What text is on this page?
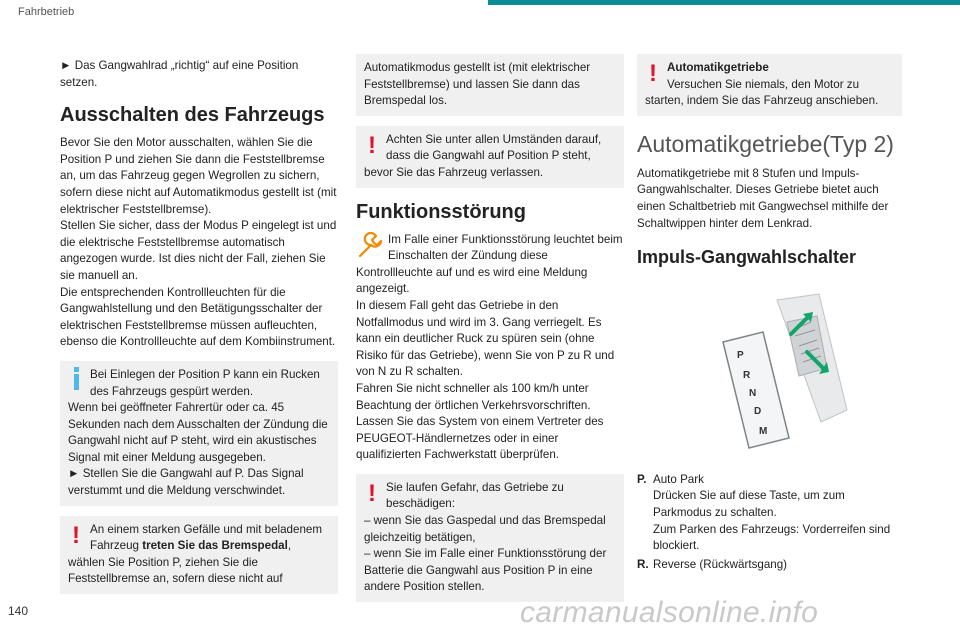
Fahrbetrieb

► Das Gangwahlrad „richtig“ auf eine Position setzen.

Ausschalten des Fahrzeugs

Bevor Sie den Motor ausschalten, wählen Sie die Position P und ziehen Sie dann die Feststellbremse an, um das Fahrzeug gegen Wegrollen zu sichern, sofern diese nicht auf Automatikmodus gestellt ist (mit elektrischer Feststellbremse).

Stellen Sie sicher, dass der Modus P eingelegt ist und die elektrische Feststellbremse automatisch angezogen wurde. Ist dies nicht der Fall, ziehen Sie sie manuell an.

Die entsprechenden Kontrollleuchten für die Gangwahlstellung und den Betätigungsschalter der elektrischen Feststellbremse müssen aufleuchten, ebenso die Kontrollleuchte auf dem Kombiinstrument.

Bei Einlegen der Position P kann ein Rucken des Fahrzeugs gespürt werden.

Wenn bei geöffneter Fahrertür oder ca. 45 Sekunden nach dem Ausschalten der Zündung die Gangwahl nicht auf P steht, wird ein akustisches Signal mit einer Meldung ausgegeben.

► Stellen Sie die Gangwahl auf P. Das Signal verstummt und die Meldung verschwindet.

! An einem starken Gefälle und mit beladenem Fahrzeug treten Sie das Bremspedal, wählen Sie Position P, ziehen Sie die Feststellbremse an, sofern diese nicht auf

Automatikmodus gestellt ist (mit elektrischer Feststellbremse) und lassen Sie dann das Bremspedal los.

! Achten Sie unter allen Umständen darauf, dass die Gangwahl auf Position P steht, bevor Sie das Fahrzeug verlassen.

Funktionsstörung

Im Falle einer Funktionsstörung leuchtet beim Einschalten der Zündung diese Kontrollleuchte auf und es wird eine Meldung angezeigt.

In diesem Fall geht das Getriebe in den Notfallmodus und wird im 3. Gang verriegelt. Es kann ein deutlicher Ruck zu spüren sein (ohne Risiko für das Getriebe), wenn Sie von P zu R und von N zu R schalten.

Fahren Sie nicht schneller als 100 km/h unter Beachtung der örtlichen Verkehrsvorschriften.

Lassen Sie das System von einem Vertreter des PEUGEOT-Händlernetzes oder in einer qualifizierten Fachwerkstatt überprüfen.

! Sie laufen Gefahr, das Getriebe zu beschädigen:

– wenn Sie das Gaspedal und das Bremspedal gleichzeitig betätigen,

– wenn Sie im Falle einer Funktionsstörung der Batterie die Gangwahl aus Position P in eine andere Position stellen.

! Automatikgetriebe

Versuchen Sie niemals, den Motor zu starten, indem Sie das Fahrzeug anschieben.

Automatikgetriebe(Typ 2)

Automatikgetriebe mit 8 Stufen und Impuls-Gangwahlschalter. Dieses Getriebe bietet auch einen Schaltbetrieb mit Gangwechsel mithilfe der Schaltwippen hinter dem Lenkrad.

Impuls-Gangwahlschalter
P
R
N
D
M
P. Auto Park

Drücken Sie auf diese Taste, um zum Parkmodus zu schalten.

Zum Parken des Fahrzeugs: Vorderreifen sind blockiert.

R. Reverse (Rückwärtsgang)

140	carmanualsonline.info
